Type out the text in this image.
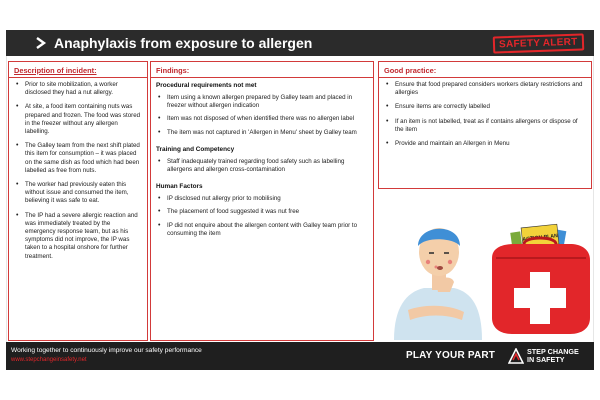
Anaphylaxis from exposure to allergen	SAFETY ALERT
Description of incident:
• Prior to site mobilization, a worker disclosed they had a nut allergy.
• At site, a food item containing nuts was prepared and frozen. The food was stored in the freezer without any allergen labelling.
• The Galley team from the next shift plated this item for consumption – it was placed on the same dish as food which had been labelled as free from nuts.
• The worker had previously eaten this without issue and consumed the item, believing it was safe to eat.
• The IP had a severe allergic reaction and was immediately treated by the emergency response team, but as his symptoms did not improve, the IP was taken to a hospital onshore for further treatment.
Findings:
Procedural requirements not met
• Item using a known allergen prepared by Galley team and placed in freezer without allergen indication
• Item was not disposed of when identified there was no allergen label
• The item was not captured in 'Allergen in Menu' sheet by Galley team
Training and Competency
• Staff inadequately trained regarding food safety such as labelling allergens and allergen cross-contamination
Human Factors
• IP disclosed nut allergy prior to mobilising
• The placement of food suggested it was nut free
• IP did not enquire about the allergen content with Galley team prior to consuming the item
Good practice:
• Ensure that food prepared considers workers dietary restrictions and allergies
• Ensure items are correctly labelled
• If an item is not labelled, treat as if contains allergens or dispose of the item
• Provide and maintain an Allergen in Menu
ACTION PLAN
Working together to continuously improve our safety performance
www.stepchangeinsafety.net	PLAY YOUR PART	STEP CHANGE
IN SAFETY
